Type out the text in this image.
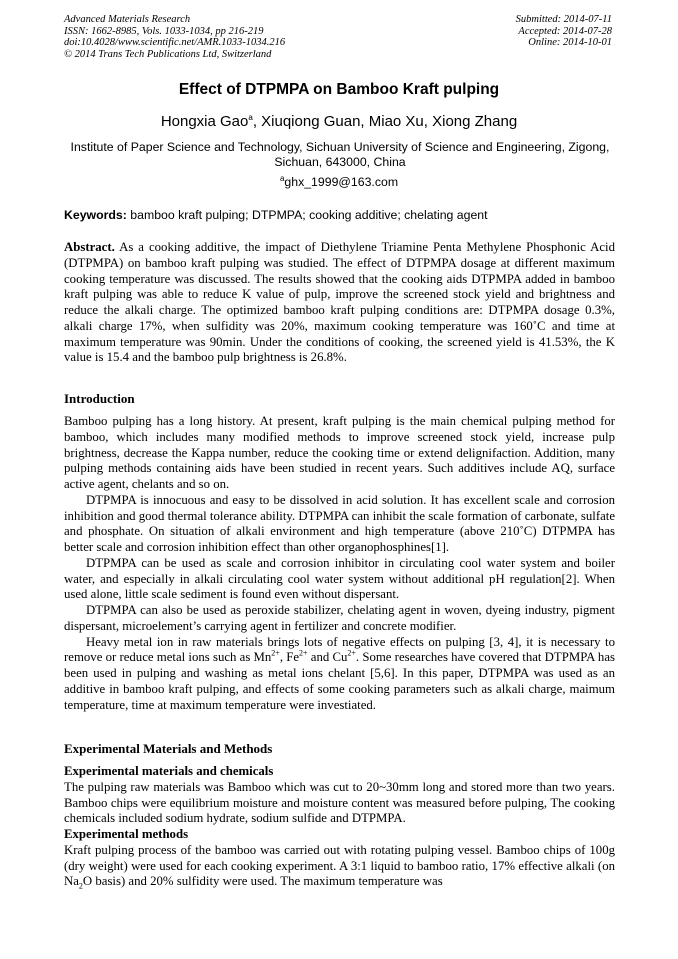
Advanced Materials Research
ISSN: 1662-8985, Vols. 1033-1034, pp 216-219
doi:10.4028/www.scientific.net/AMR.1033-1034.216
© 2014 Trans Tech Publications Ltd, Switzerland
Submitted: 2014-07-11
Accepted: 2014-07-28
Online: 2014-10-01
Effect of DTPMPA on Bamboo Kraft pulping
Hongxia Gao$^a$, Xiuqiong Guan, Miao Xu, Xiong Zhang
Institute of Paper Science and Technology, Sichuan University of Science and Engineering, Zigong, Sichuan, 643000, China
$^a$ghx_1999@163.com
Keywords: bamboo kraft pulping; DTPMPA; cooking additive; chelating agent
Abstract. As a cooking additive, the impact of Diethylene Triamine Penta Methylene Phosphonic Acid (DTPMPA) on bamboo kraft pulping was studied. The effect of DTPMPA dosage at different maximum cooking temperature was discussed. The results showed that the cooking aids DTPMPA added in bamboo kraft pulping was able to reduce K value of pulp, improve the screened stock yield and brightness and reduce the alkali charge. The optimized bamboo kraft pulping conditions are: DTPMPA dosage 0.3%, alkali charge 17%, when sulfidity was 20%, maximum cooking temperature was 160˚C and time at maximum temperature was 90min. Under the conditions of cooking, the screened yield is 41.53%, the K value is 15.4 and the bamboo pulp brightness is 26.8%.
Introduction

Bamboo pulping has a long history. At present, kraft pulping is the main chemical pulping method for bamboo, which includes many modified methods to improve screened stock yield, increase pulp brightness, decrease the Kappa number, reduce the cooking time or extend delignifaction. Addition, many pulping methods containing aids have been studied in recent years. Such additives include AQ, surface active agent, chelants and so on.

DTPMPA is innocuous and easy to be dissolved in acid solution. It has excellent scale and corrosion inhibition and good thermal tolerance ability. DTPMPA can inhibit the scale formation of carbonate, sulfate and phosphate. On situation of alkali environment and high temperature (above 210˚C) DTPMPA has better scale and corrosion inhibition effect than other organophosphines[1].

DTPMPA can be used as scale and corrosion inhibitor in circulating cool water system and boiler water, and especially in alkali circulating cool water system without additional pH regulation[2]. When used alone, little scale sediment is found even without dispersant.

DTPMPA can also be used as peroxide stabilizer, chelating agent in woven, dyeing industry, pigment dispersant, microelement’s carrying agent in fertilizer and concrete modifier.

Heavy metal ion in raw materials brings lots of negative effects on pulping [3, 4], it is necessary to remove or reduce metal ions such as $Mn^{2+}$, $Fe^{2+}$ and $Cu^{2+}$. Some researches have covered that DTPMPA has been used in pulping and washing as metal ions chelant [5,6]. In this paper, DTPMPA was used as an additive in bamboo kraft pulping, and effects of some cooking parameters such as alkali charge, maimum temperature, time at maximum temperature were investiated.

Experimental Materials and Methods
Experimental materials and chemicals

The pulping raw materials was Bamboo which was cut to 20~30mm long and stored more than two years. Bamboo chips were equilibrium moisture and moisture content was measured before pulping, The cooking chemicals included sodium hydrate, sodium sulfide and DTPMPA.

Experimental methods

Kraft pulping process of the bamboo was carried out with rotating pulping vessel. Bamboo chips of 100g (dry weight) were used for each cooking experiment. A 3:1 liquid to bamboo ratio, 17% effective alkali (on $Na_2O$ basis) and 20% sulfidity were used. The maximum temperature was
